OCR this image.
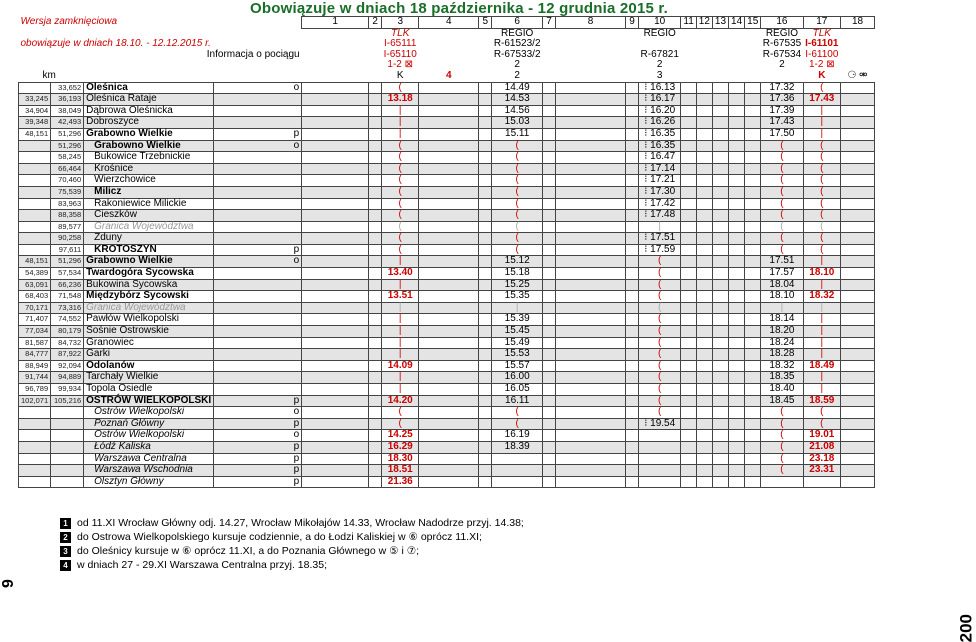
Obowiązuje w dniach 18 października - 12 grudnia 2015 r.
Wersja zamknięciowa				1	2	3	4	5	6	7	8	9	10	11	12	13	14	15	16	17	18
						TLK			REGIO				REGIO						REGIO	TLK	

obowiązuje w dniach 18.10. - 12.12.2015 r.						I-65111			R-61523/2										R-67535	I-61101	
Informacja o pociągu						I-65110			R-67533/2				R-67821						R-67534	I-61100	
						1-2 ⊠			2				2						2	1-2 ⊠	

km						K	4		2				3							K	⚆ ⚮
	33,652	Oleśnica	o			(			14.49				⁝ 16.13						17.32	(	
33,245	36,193	Oleśnica Rataje				13.18			14.53				⁝ 16.17						17.36	17.43	
34,904	38,049	Dąbrowa Oleśnicka				|			14.56				⁝ 16.20						17.39	|	
39,348	42,493	Dobroszyce				|			15.03				⁝ 16.26						17.43	|	
48,151	51,296	Grabowno Wielkie	p			|			15.11				⁝ 16.35						17.50	|	
	51,296	Grabowno Wielkie	o			(			(				⁝ 16.35						(	(	
	58,245	Bukowice Trzebnickie				(			(				⁝ 16.47						(	(	
	66,464	Krośnice				(			(				⁝ 17.14						(	(	
	70,460	Wierzchowice				(			(				⁝ 17.21						(	(	
	75,539	Milicz				(			(				⁝ 17.30						(	(	
	83,963	Rakoniewice Milickie				(			(				⁝ 17.42						(	(	
	88,358	Cieszków				(			(				⁝ 17.48						(	(	
	89,577	Granica Województwa				(			(				|						(	(	
	90,258	Zduny				(			(				⁝ 17.51						(	(	
	97,611	KROTOSZYN	p			(			(				⁝ 17.59						(	(	
48,151	51,296	Grabowno Wielkie	o			|			15.12				(						17.51	|	
54,389	57,534	Twardogóra Sycowska				13.40			15.18				(						17.57	18.10	
63,091	66,236	Bukowina Sycowska				|			15.25				(						18.04	|	
68,403	71,548	Międzybórz Sycowski				13.51			15.35				(						18.10	18.32	
70,171	73,316	Granica Województwa				|			|				(						|	|	
71,407	74,552	Pawłów Wielkopolski				|			15.39				(						18.14	|	
77,034	80,179	Sośnie Ostrowskie				|			15.45				(						18.20	|	
81,587	84,732	Granowiec				|			15.49				(						18.24	|	
84,777	87,922	Garki				|			15.53				(						18.28	|	
88,949	92,094	Odolanów				14.09			15.57				(						18.32	18.49	
91,744	94,889	Tarchały Wielkie				|			16.00				(						18.35	|	
96,789	99,934	Topola Osiedle				|			16.05				(						18.40	|	
102,071	105,216	OSTRÓW WIELKOPOLSKI	p			14.20			16.11				(						18.45	18.59	
		Ostrów Wielkopolski	o			(			(				(						(	(	
		Poznań Główny	p			(			(				⁝ 19.54						(	(	
		Ostrów Wielkopolski	o			14.25			16.19										(	19.01	
		Łódź Kaliska	p			16.29			18.39										(	21.08	
		Warszawa Centralna	p			18.30													(	23.18	
		Warszawa Wschodnia	p			18.51													(	23.31	
		Olsztyn Główny	p			21.36															
1 od 11.XI Wrocław Główny odj. 14.27, Wrocław Mikołajów 14.33, Wrocław Nadodrze przyj. 14.38;
2 do Ostrowa Wielkopolskiego kursuje codziennie, a do Łodzi Kaliskiej w ⑥ oprócz 11.XI;
3 do Oleśnicy kursuje w ⑥ oprócz 11.XI, a do Poznania Głównego w ⑤ i ⑦;
4 w dniach 27 - 29.XI Warszawa Centralna przyj. 18.35;
9
200
